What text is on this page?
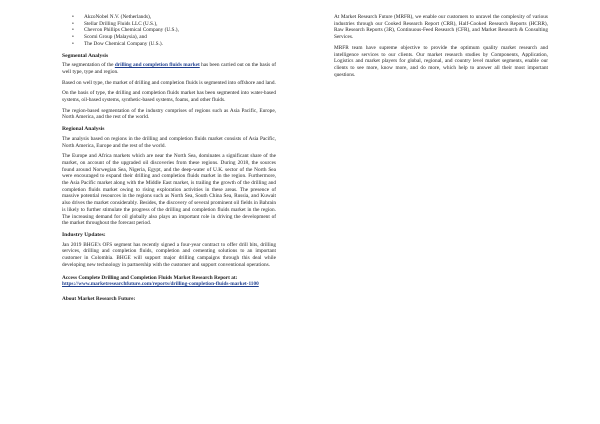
• AkzoNobel N.V. (Netherlands),
• Stellar Drilling Fluids LLC (U.S.),
• Chevron Phillips Chemical Company (U.S.),
• Scomi Group (Malaysia), and
• The Dow Chemical Company (U.S.).
Segmental Analysis

The segmentation of the drilling and completion fluids market has been carried out on the basis of well type, type and region.

Based on well type, the market of drilling and completion fluids is segmented into offshore and land.

On the basis of type, the drilling and completion fluids market has been segmented into water-based systems, oil-based systems, synthetic-based systems, foams, and other fluids.

The region-based segmentation of the industry comprises of regions such as Asia Pacific, Europe, North America, and the rest of the world.

Regional Analysis

The analysis based on regions in the drilling and completion fluids market consists of Asia Pacific, North America, Europe and the rest of the world.

The Europe and Africa markets which are near the North Sea, dominates a significant share of the market, on account of the upgraded oil discoveries from these regions. During 2018, the sources found around Norwegian Sea, Nigeria, Egypt, and the deep-water of U.K. sector of the North Sea were encouraged to expand their drilling and completion fluids market in the region. Furthermore, the Asia Pacific market along with the Middle East market, is trailing the growth of the drilling and completion fluids market owing to rising exploration activities in these areas. The presence of massive potential resources in the regions such as North Sea, South China Sea, Russia, and Kuwait also drives the market considerably. Besides, the discovery of several prominent oil fields in Bahrain is likely to further stimulate the progress of the drilling and completion fluids market in the region. The increasing demand for oil globally also plays an important role in driving the development of the market throughout the forecast period.

Industry Updates:

Jan 2019 BHGE's OFS segment has recently signed a four-year contract to offer drill bits, drilling services, drilling and completion fluids, completion and cementing solutions to an important customer in Colombia. BHGE will support major drilling campaigns through this deal while developing new technology in partnership with the customer and support conventional operations.

Access Complete Drilling and Completion Fluids Market Research Report at:
https://www.marketresearchfuture.com/reports/drilling-completion-fluids-market-1100
About Market Research Future:

At Market Research Future (MRFR), we enable our customers to unravel the complexity of various industries through our Cooked Research Report (CRR), Half-Cooked Research Reports (HCRR), Raw Research Reports (3R), Continuous-Feed Research (CFR), and Market Research & Consulting Services.

MRFR team have supreme objective to provide the optimum quality market research and intelligence services to our clients. Our market research studies by Components, Application, Logistics and market players for global, regional, and country level market segments, enable our clients to see more, know more, and do more, which help to answer all their most important questions.
